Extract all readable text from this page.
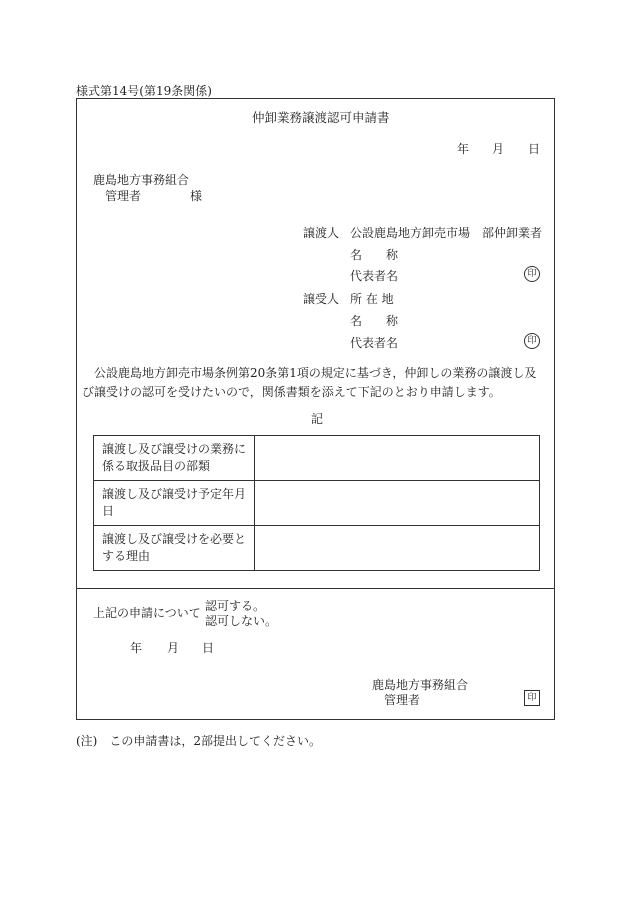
様式第14号(第19条関係)
仲卸業務譲渡認可申請書
年 月 日
鹿島地方事務組合
管理者	様
譲渡人 公設鹿島地方卸売市場　部仲卸業者
名　　称
代表者名	印
譲受人 所 在 地
名　　称
代表者名	印
公設鹿島地方卸売市場条例第20条第1項の規定に基づき，仲卸しの業務の譲渡し及び譲受けの認可を受けたいので，関係書類を添えて下記のとおり申請します。
記
譲渡し及び譲受けの業務に係る取扱品目の部類	
譲渡し及び譲受け予定年月日	
譲渡し及び譲受けを必要とする理由	
上記の申請について 認可する。
認可しない。
年 月 日
鹿島地方事務組合
管理者	印
(注)　この申請書は，2部提出してください。
